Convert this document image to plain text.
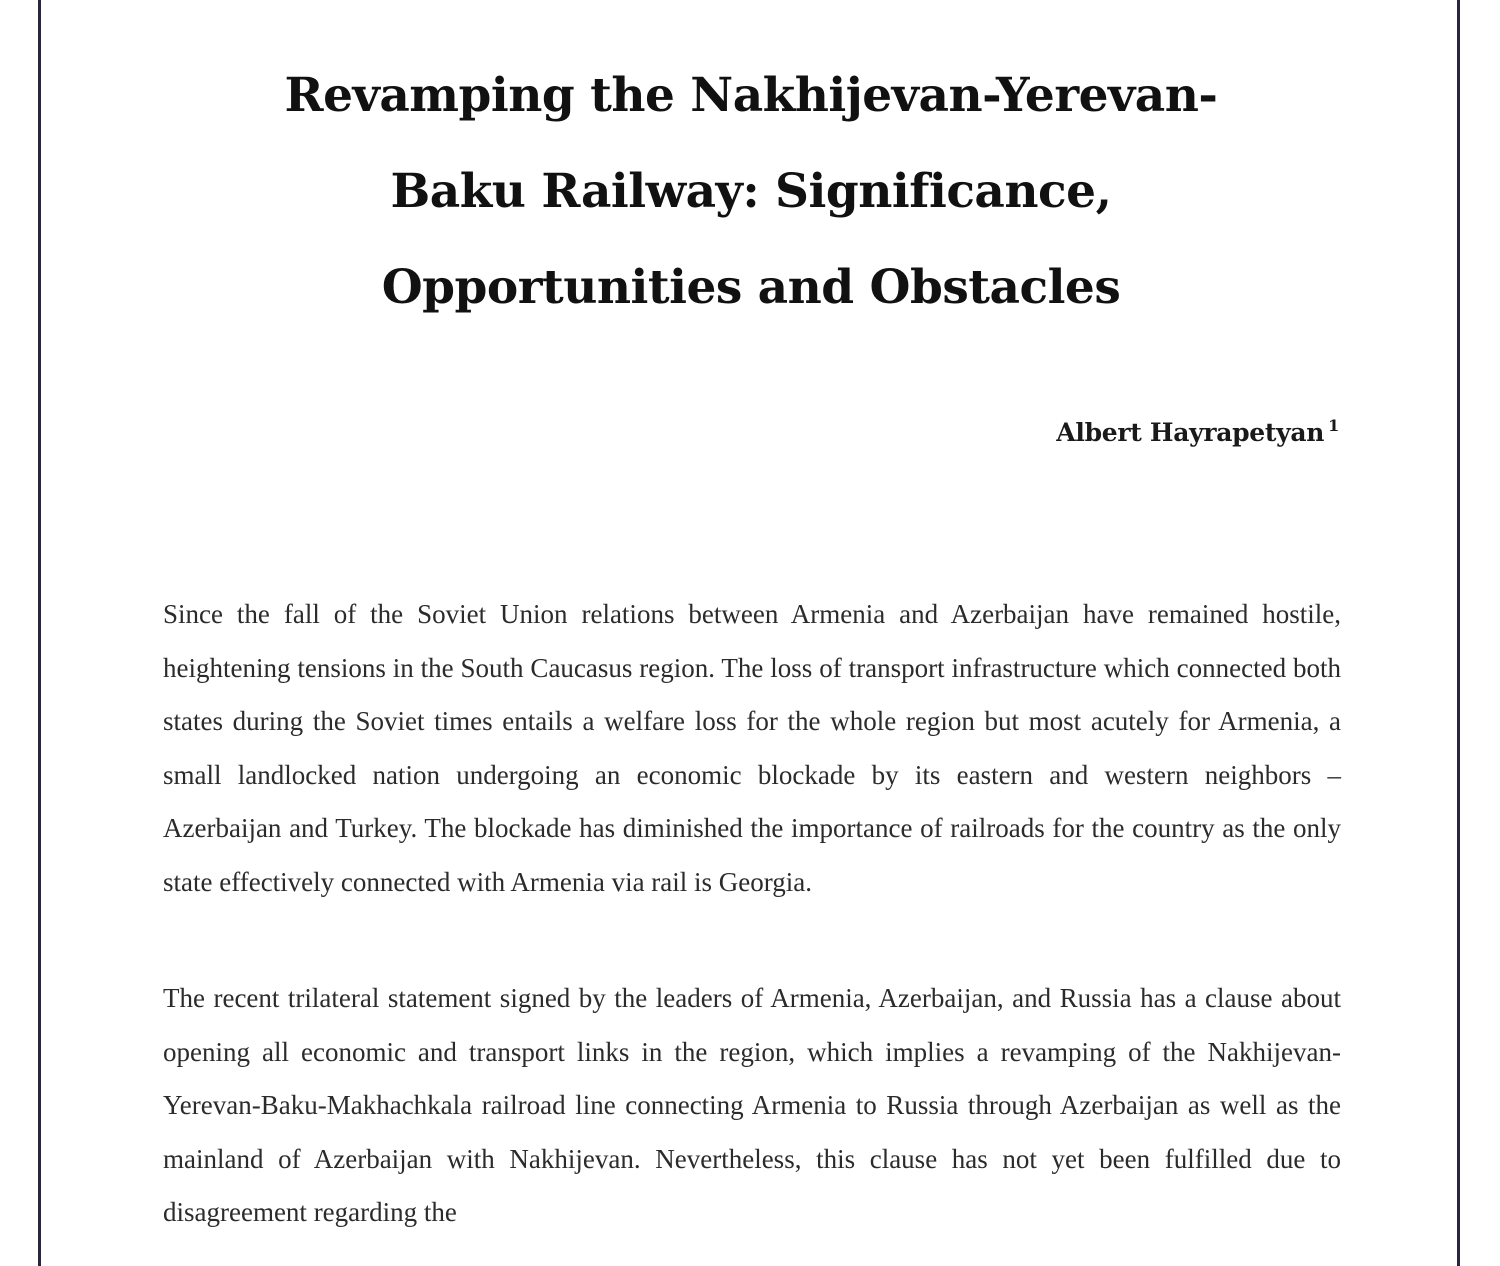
Revamping the Nakhijevan-Yerevan-Baku Railway: Significance, Opportunities and Obstacles
Albert Hayrapetyan $^1$

Since the fall of the Soviet Union relations between Armenia and Azerbaijan have remained hostile, heightening tensions in the South Caucasus region. The loss of transport infrastructure which connected both states during the Soviet times entails a welfare loss for the whole region but most acutely for Armenia, a small landlocked nation undergoing an economic blockade by its eastern and western neighbors – Azerbaijan and Turkey. The blockade has diminished the importance of railroads for the country as the only state effectively connected with Armenia via rail is Georgia.

The recent trilateral statement signed by the leaders of Armenia, Azerbaijan, and Russia has a clause about opening all economic and transport links in the region, which implies a revamping of the Nakhijevan-Yerevan-Baku-Makhachkala railroad line connecting Armenia to Russia through Azerbaijan as well as the mainland of Azerbaijan with Nakhijevan. Nevertheless, this clause has not yet been fulfilled due to disagreement regarding the
